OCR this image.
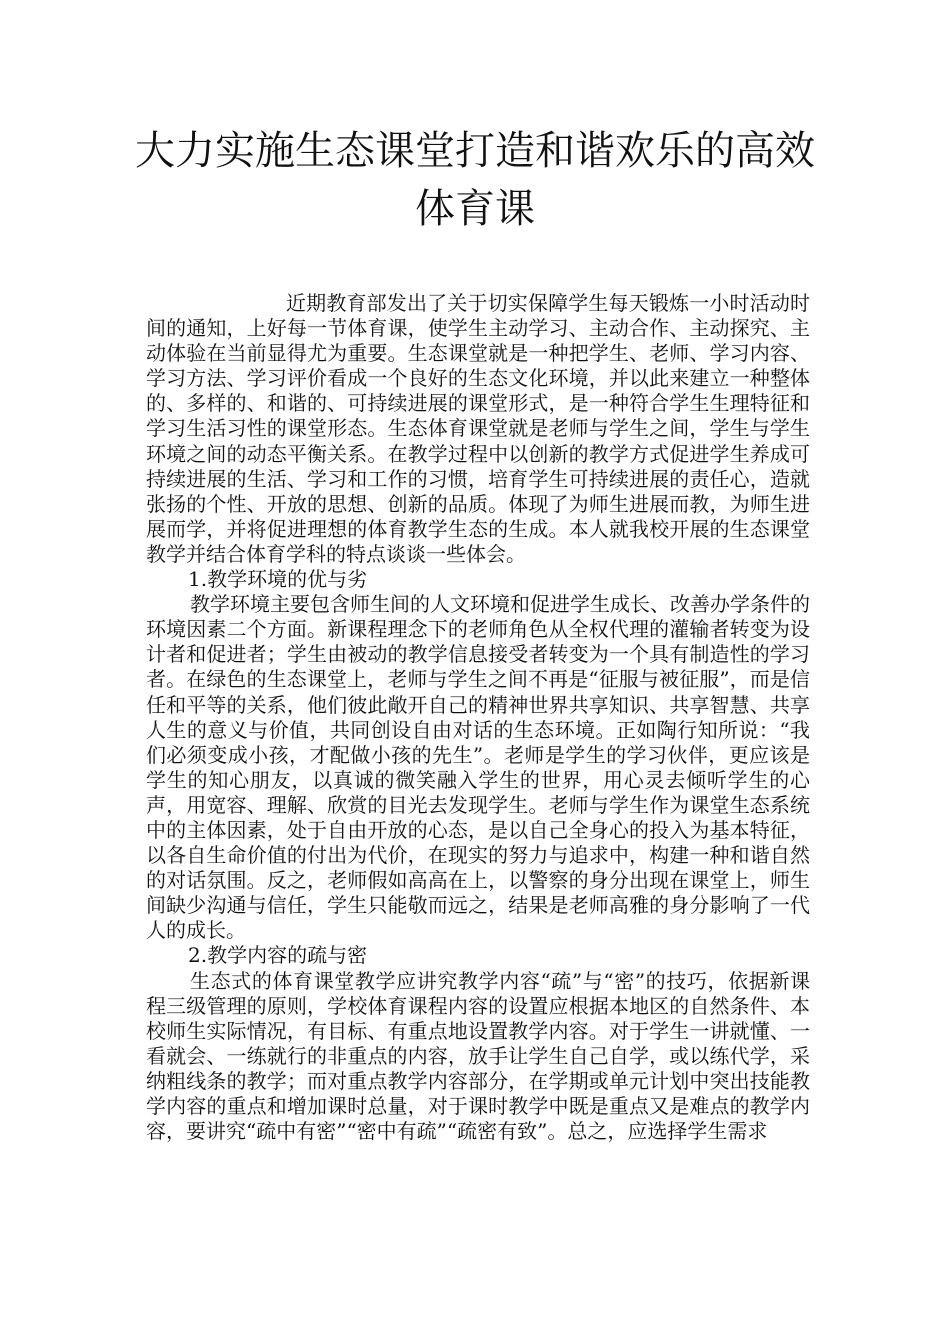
大力实施生态课堂打造和谐欢乐的高效
体育课

近期教育部发出了关于切实保障学生每天锻炼一小时活动时间的通知，上好每一节体育课，使学生主动学习、主动合作、主动探究、主动体验在当前显得尤为重要。生态课堂就是一种把学生、老师、学习内容、学习方法、学习评价看成一个良好的生态文化环境，并以此来建立一种整体的、多样的、和谐的、可持续进展的课堂形式，是一种符合学生生理特征和学习生活习性的课堂形态。生态体育课堂就是老师与学生之间，学生与学生环境之间的动态平衡关系。在教学过程中以创新的教学方式促进学生养成可持续进展的生活、学习和工作的习惯，培育学生可持续进展的责任心，造就张扬的个性、开放的思想、创新的品质。体现了为师生进展而教，为师生进展而学，并将促进理想的体育教学生态的生成。本人就我校开展的生态课堂教学并结合体育学科的特点谈谈一些体会。

1.教学环境的优与劣

教学环境主要包含师生间的人文环境和促进学生成长、改善办学条件的环境因素二个方面。新课程理念下的老师角色从全权代理的灌输者转变为设计者和促进者；学生由被动的教学信息接受者转变为一个具有制造性的学习者。在绿色的生态课堂上，老师与学生之间不再是“征服与被征服”，而是信任和平等的关系，他们彼此敞开自己的精神世界共享知识、共享智慧、共享人生的意义与价值，共同创设自由对话的生态环境。正如陶行知所说：“我们必须变成小孩，才配做小孩的先生”。老师是学生的学习伙伴，更应该是学生的知心朋友，以真诚的微笑融入学生的世界，用心灵去倾听学生的心声，用宽容、理解、欣赏的目光去发现学生。老师与学生作为课堂生态系统中的主体因素，处于自由开放的心态，是以自己全身心的投入为基本特征，以各自生命价值的付出为代价，在现实的努力与追求中，构建一种和谐自然的对话氛围。反之，老师假如高高在上，以警察的身分出现在课堂上，师生间缺少沟通与信任，学生只能敬而远之，结果是老师高雅的身分影响了一代人的成长。

2.教学内容的疏与密

生态式的体育课堂教学应讲究教学内容“疏”与“密”的技巧，依据新课程三级管理的原则，学校体育课程内容的设置应根据本地区的自然条件、本校师生实际情况，有目标、有重点地设置教学内容。对于学生一讲就懂、一看就会、一练就行的非重点的内容，放手让学生自己自学，或以练代学，采纳粗线条的教学；而对重点教学内容部分，在学期或单元计划中突出技能教学内容的重点和增加课时总量，对于课时教学中既是重点又是难点的教学内容，要讲究“疏中有密”“密中有疏”“疏密有致”。总之，应选择学生需求
